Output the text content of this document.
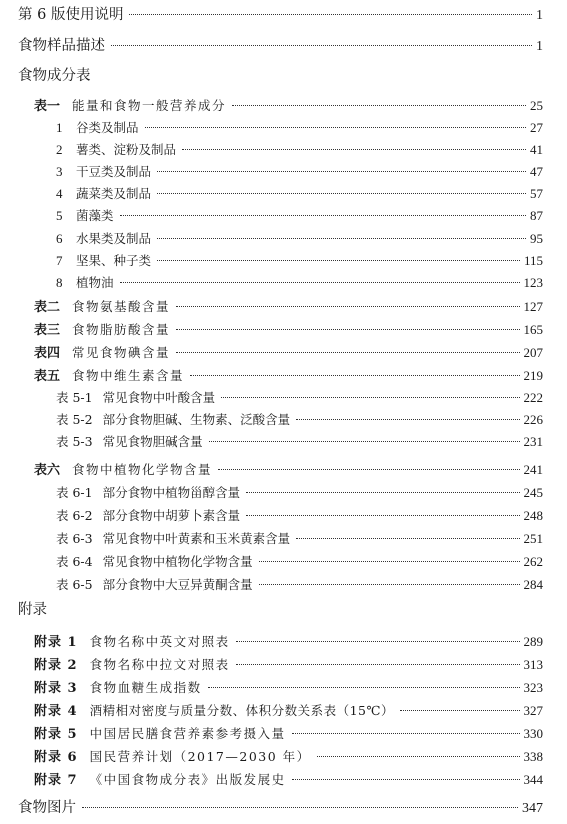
第 6 版使用说明	1
食物样品描述	1
食物成分表
表一 能量和食物一般营养成分	25
1	谷类及制品	27
2	薯类、淀粉及制品	41
3	干豆类及制品	47
4	蔬菜类及制品	57
5	菌藻类	87
6	水果类及制品	95
7	坚果、种子类	115
8	植物油	123
表二 食物氨基酸含量	127
表三 食物脂肪酸含量	165
表四 常见食物碘含量	207
表五 食物中维生素含量	219
表 5-1 常见食物中叶酸含量	222
表 5-2 部分食物胆碱、生物素、泛酸含量	226
表 5-3 常见食物胆碱含量	231
表六 食物中植物化学物含量	241
表 6-1 部分食物中植物甾醇含量	245
表 6-2 部分食物中胡萝卜素含量	248
表 6-3 常见食物中叶黄素和玉米黄素含量	251
表 6-4 常见食物中植物化学物含量	262
表 6-5 部分食物中大豆异黄酮含量	284
附录
附录 1 食物名称中英文对照表	289
附录 2 食物名称中拉文对照表	313
附录 3 食物血糖生成指数	323
附录 4 酒精相对密度与质量分数、体积分数关系表（15℃）	327
附录 5 中国居民膳食营养素参考摄入量	330
附录 6 国民营养计划（2017—2030 年）	338
附录 7 《中国食物成分表》出版发展史	344
食物图片	347
